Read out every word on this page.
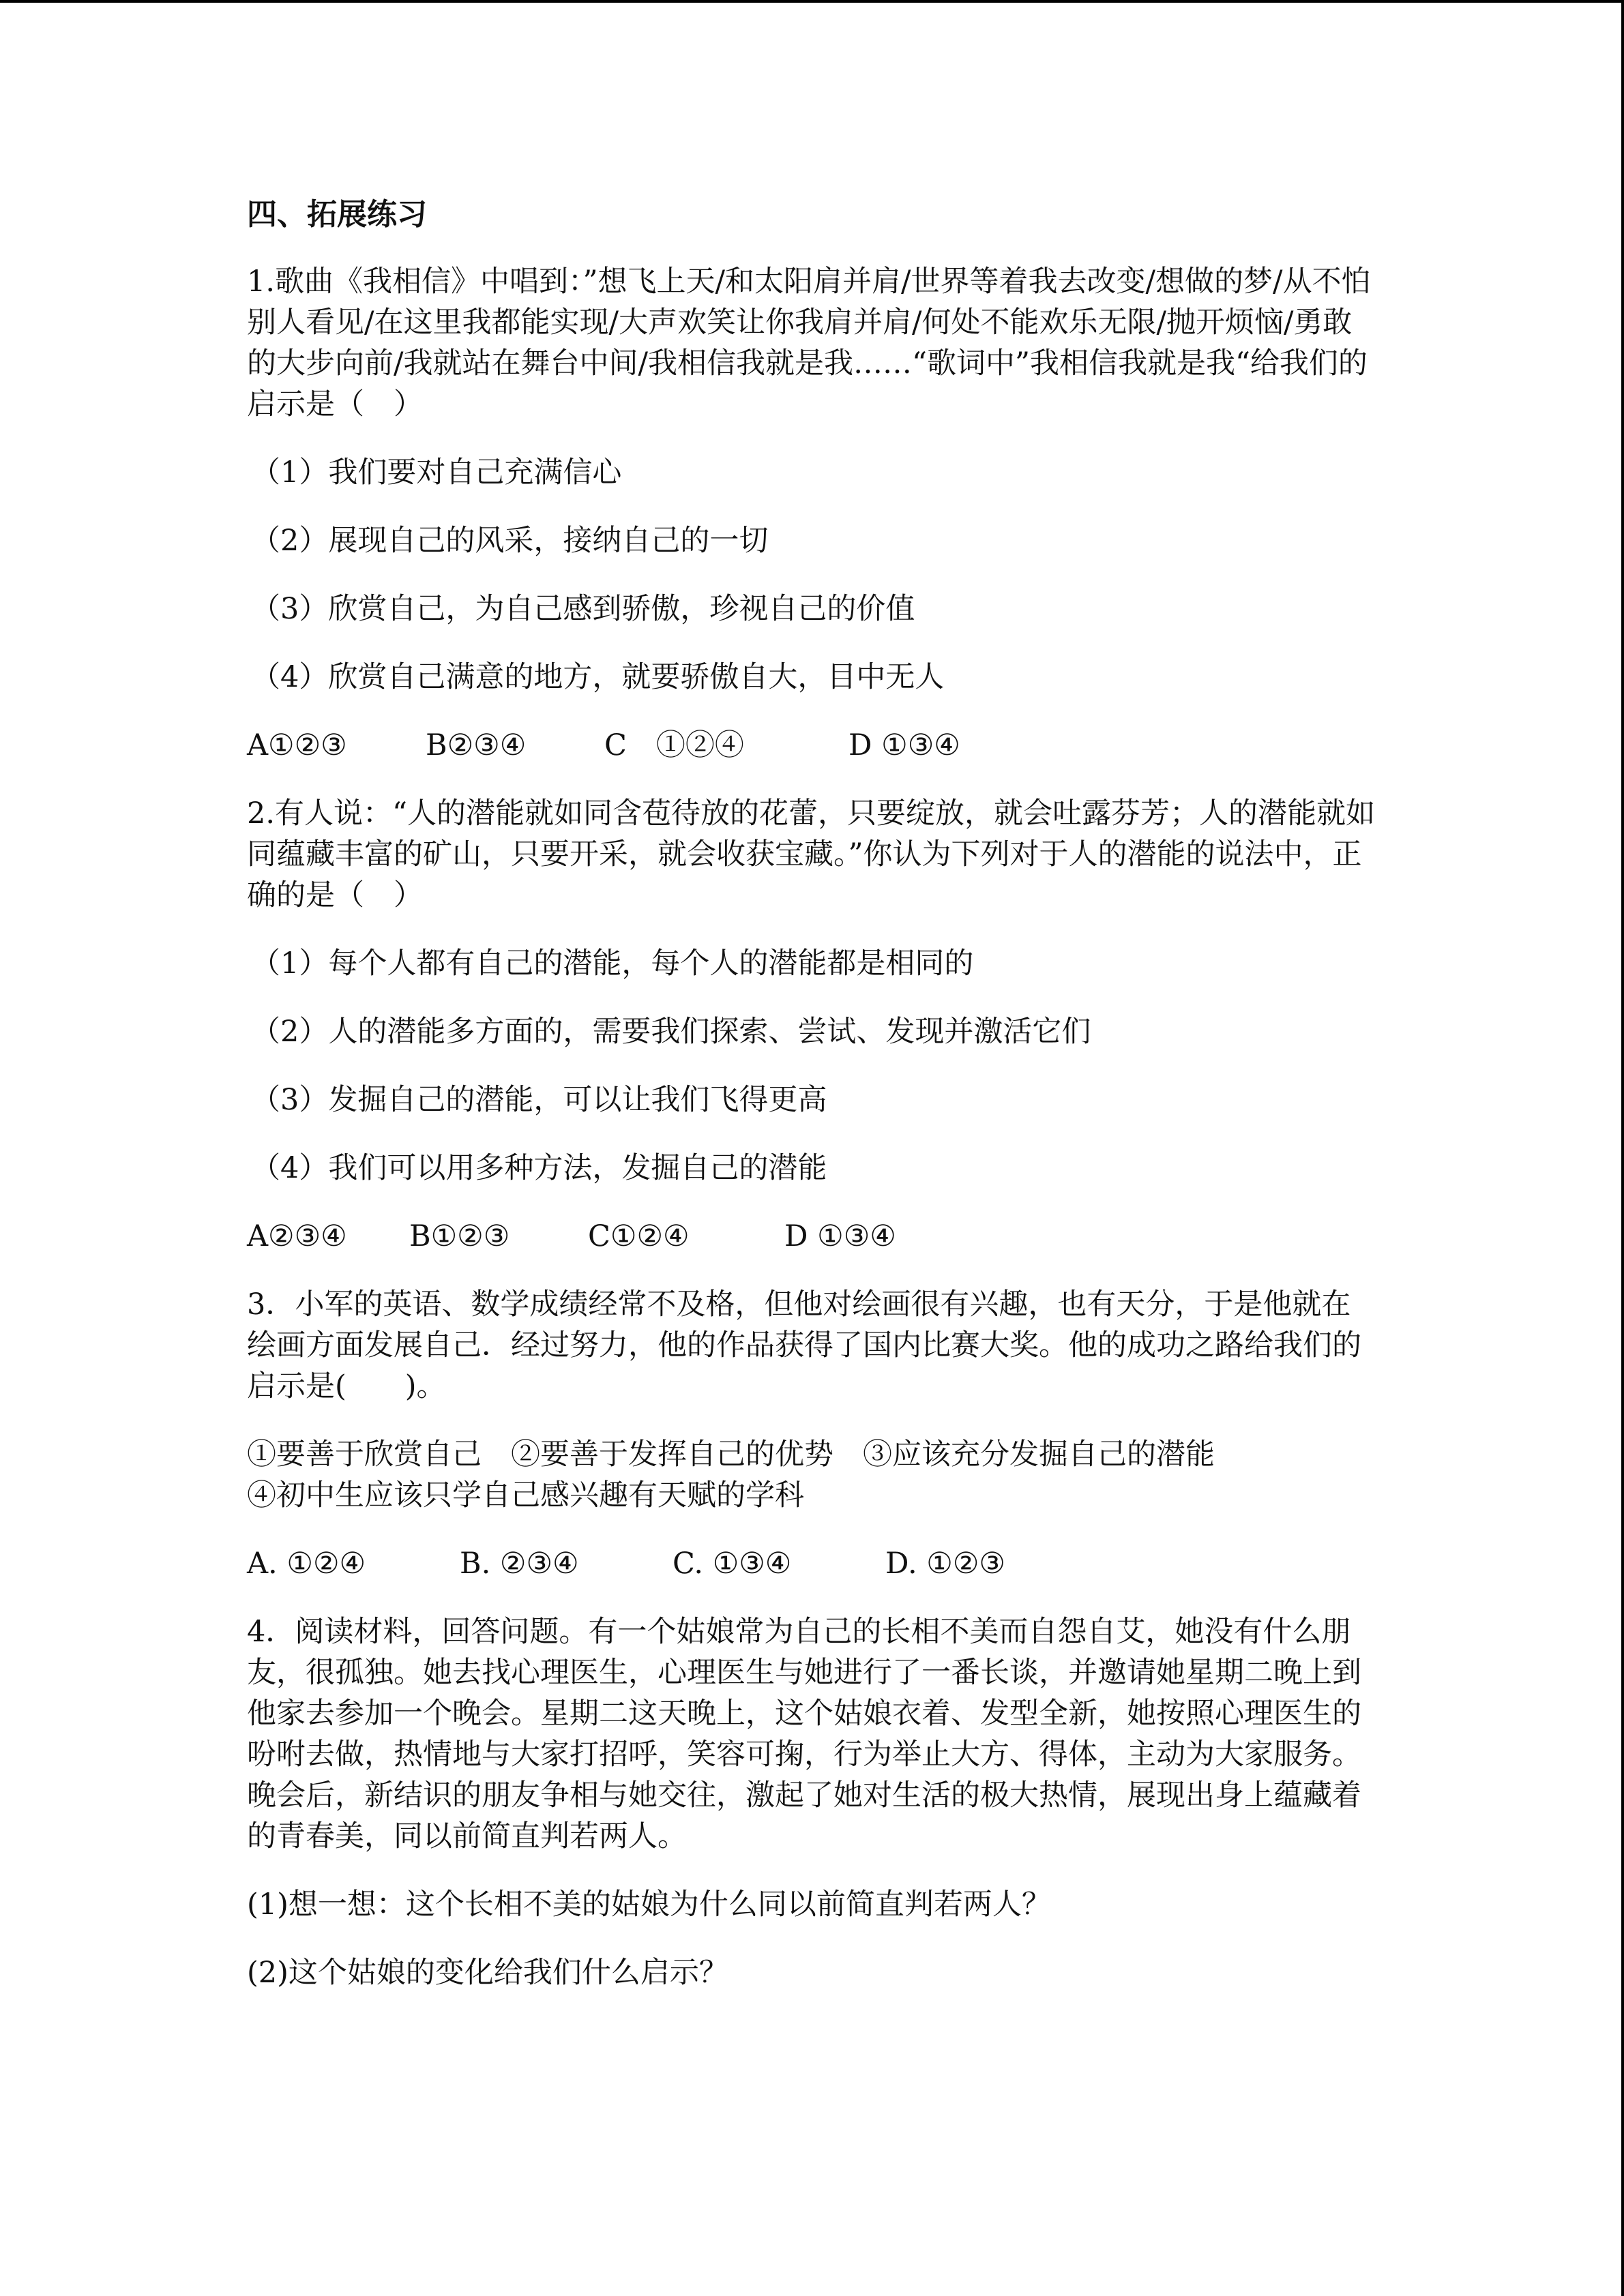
四、拓展练习
1.歌曲《我相信》中唱到：”想飞上天/和太阳肩并肩/世界等着我去改变/想做的梦/从不怕别人看见/在这里我都能实现/大声欢笑让你我肩并肩/何处不能欢乐无限/抛开烦恼/勇敢的大步向前/我就站在舞台中间/我相信我就是我……“歌词中”我相信我就是我“给我们的启示是（　）
（1）我们要对自己充满信心
（2）展现自己的风采，接纳自己的一切
（3）欣赏自己，为自己感到骄傲，珍视自己的价值
（4）欣赏自己满意的地方，就要骄傲自大，目中无人
A①②③	B②③④	C　①②④	D ①③④
2.有人说：“人的潜能就如同含苞待放的花蕾，只要绽放，就会吐露芬芳；人的潜能就如同蕴藏丰富的矿山，只要开采，就会收获宝藏。”你认为下列对于人的潜能的说法中，正确的是（　）
（1）每个人都有自己的潜能，每个人的潜能都是相同的
（2）人的潜能多方面的，需要我们探索、尝试、发现并激活它们
（3）发掘自己的潜能，可以让我们飞得更高
（4）我们可以用多种方法，发掘自己的潜能
A②③④ B①②③	C①②④	D ①③④
3．小军的英语、数学成绩经常不及格，但他对绘画很有兴趣，也有天分，于是他就在绘画方面发展自己．经过努力，他的作品获得了国内比赛大奖。他的成功之路给我们的启示是(　　)。
①要善于欣赏自己　②要善于发挥自己的优势　③应该充分发掘自己的潜能
④初中生应该只学自己感兴趣有天赋的学科
A. ①②④	B. ②③④	C. ①③④	D. ①②③
4．阅读材料，回答问题。有一个姑娘常为自己的长相不美而自怨自艾，她没有什么朋友，很孤独。她去找心理医生，心理医生与她进行了一番长谈，并邀请她星期二晚上到他家去参加一个晚会。星期二这天晚上，这个姑娘衣着、发型全新，她按照心理医生的吩咐去做，热情地与大家打招呼，笑容可掬，行为举止大方、得体，主动为大家服务。晚会后，新结识的朋友争相与她交往，激起了她对生活的极大热情，展现出身上蕴藏着的青春美，同以前简直判若两人。
(1)想一想：这个长相不美的姑娘为什么同以前简直判若两人？
(2)这个姑娘的变化给我们什么启示？
